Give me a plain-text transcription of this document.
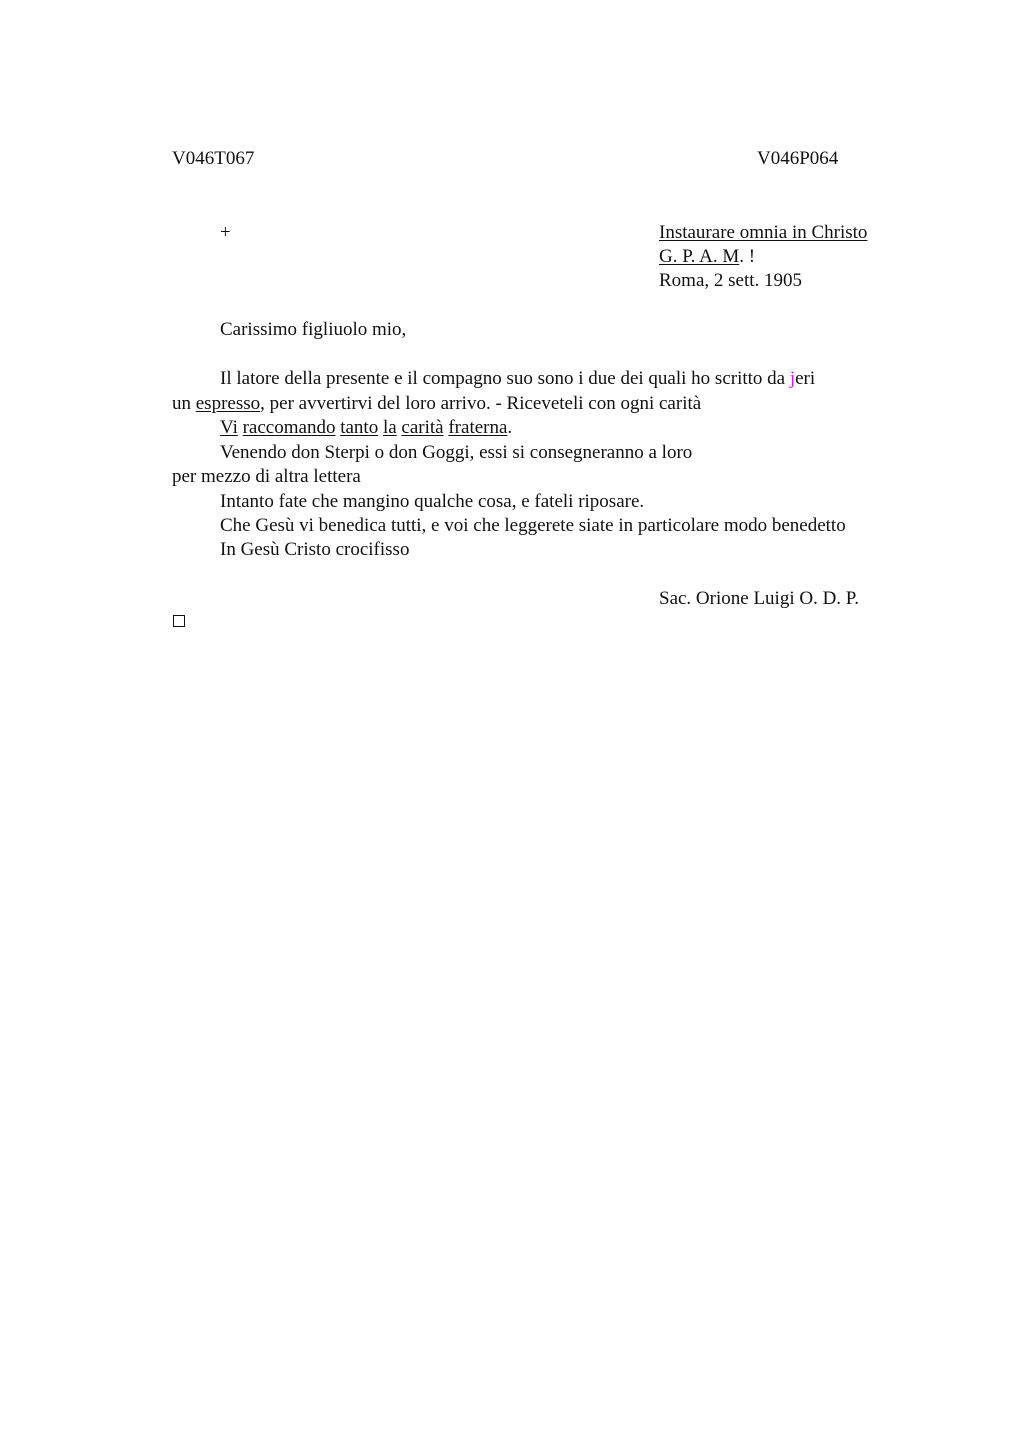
V046T067	V046P064
+	Instaurare omnia in Christo
G. P. A. M. !
Roma, 2 sett. 1905
Carissimo figliuolo mio,
Il latore della presente e il compagno suo sono i due dei quali ho scritto da jeri
un espresso, per avvertirvi del loro arrivo. - Riceveteli con ogni carità
Vi raccomando tanto la carità fraterna.
Venendo don Sterpi o don Goggi, essi si consegneranno a loro
per mezzo di altra lettera
Intanto fate che mangino qualche cosa, e fateli riposare.
Che Gesù vi benedica tutti, e voi che leggerete siate in particolare modo benedetto
In Gesù Cristo crocifisso
Sac. Orione Luigi O. D. P.
